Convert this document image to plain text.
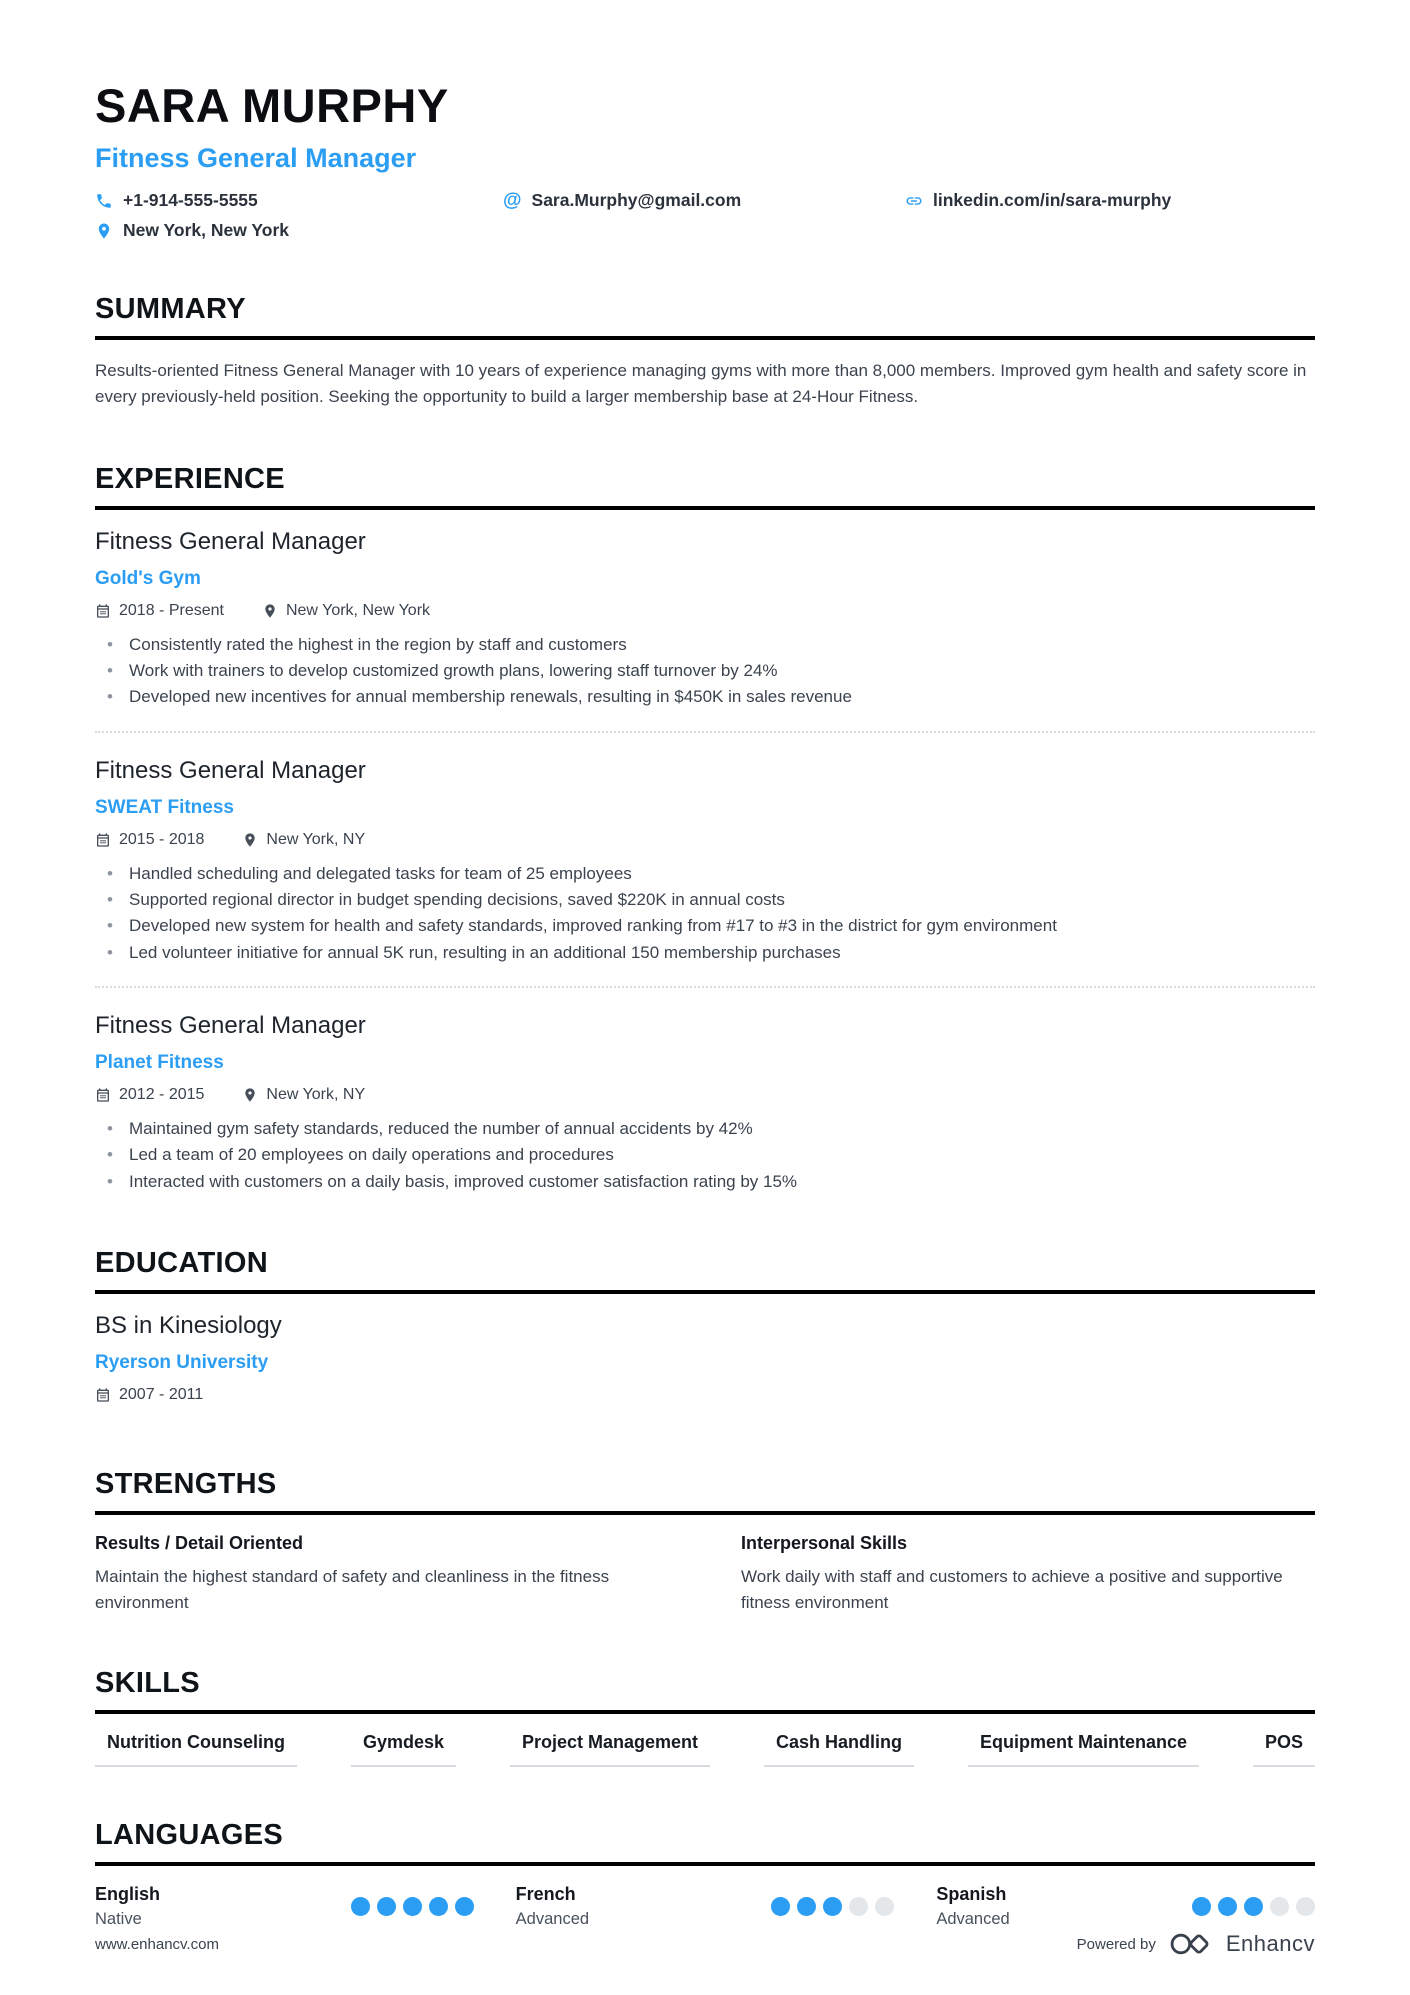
SARA MURPHY
Fitness General Manager
+1-914-555-5555	@ Sara.Murphy@gmail.com	linkedin.com/in/sara-murphy
New York, New York
SUMMARY

Results-oriented Fitness General Manager with 10 years of experience managing gyms with more than 8,000 members. Improved gym health and safety score in every previously-held position. Seeking the opportunity to build a larger membership base at 24-Hour Fitness.

EXPERIENCE
Fitness General Manager
Gold's Gym
2018 - Present	New York, New York
• Consistently rated the highest in the region by staff and customers
• Work with trainers to develop customized growth plans, lowering staff turnover by 24%
• Developed new incentives for annual membership renewals, resulting in $450K in sales revenue
Fitness General Manager
SWEAT Fitness
2015 - 2018	New York, NY
• Handled scheduling and delegated tasks for team of 25 employees
• Supported regional director in budget spending decisions, saved $220K in annual costs
• Developed new system for health and safety standards, improved ranking from #17 to #3 in the district for gym environment
• Led volunteer initiative for annual 5K run, resulting in an additional 150 membership purchases
Fitness General Manager
Planet Fitness
2012 - 2015	New York, NY
• Maintained gym safety standards, reduced the number of annual accidents by 42%
• Led a team of 20 employees on daily operations and procedures
• Interacted with customers on a daily basis, improved customer satisfaction rating by 15%
EDUCATION
BS in Kinesiology
Ryerson University
2007 - 2011
STRENGTHS
Results / Detail Oriented
Maintain the highest standard of safety and cleanliness in the fitness environment
Interpersonal Skills
Work daily with staff and customers to achieve a positive and supportive fitness environment
SKILLS
Nutrition Counseling	Gymdesk	Project Management	Cash Handling	Equipment Maintenance	POS
LANGUAGES
English
Native
French
Advanced
Spanish
Advanced
www.enhancv.com	Powered by	Enhancv
